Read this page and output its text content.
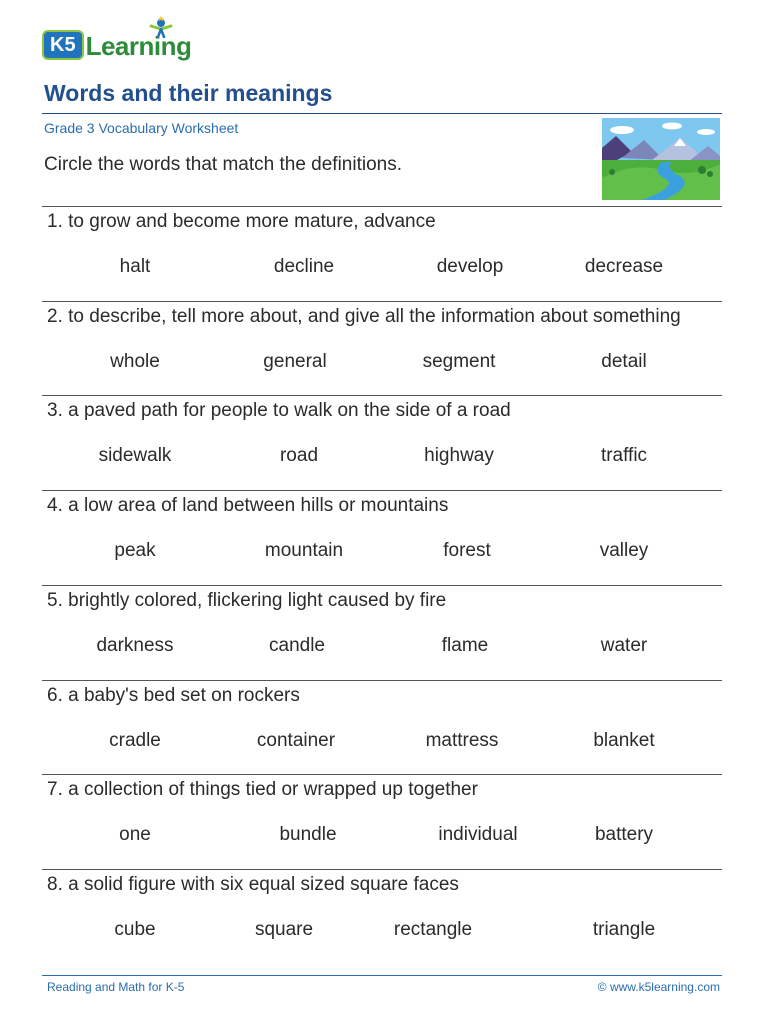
K5 Learning
Words and their meanings
Grade 3 Vocabulary Worksheet
Circle the words that match the definitions.
1. to grow and become more mature, advance
halt	decline	develop	decrease
2. to describe, tell more about, and give all the information about something
whole	general	segment	detail
3. a paved path for people to walk on the side of a road
sidewalk	road	highway	traffic
4. a low area of land between hills or mountains
peak	mountain	forest	valley
5. brightly colored, flickering light caused by fire
darkness	candle	flame	water
6. a baby's bed set on rockers
cradle	container	mattress	blanket
7. a collection of things tied or wrapped up together
one	bundle	individual	battery
8. a solid figure with six equal sized square faces
cube	square	rectangle	triangle
Reading and Math for K-5	© www.k5learning.com
